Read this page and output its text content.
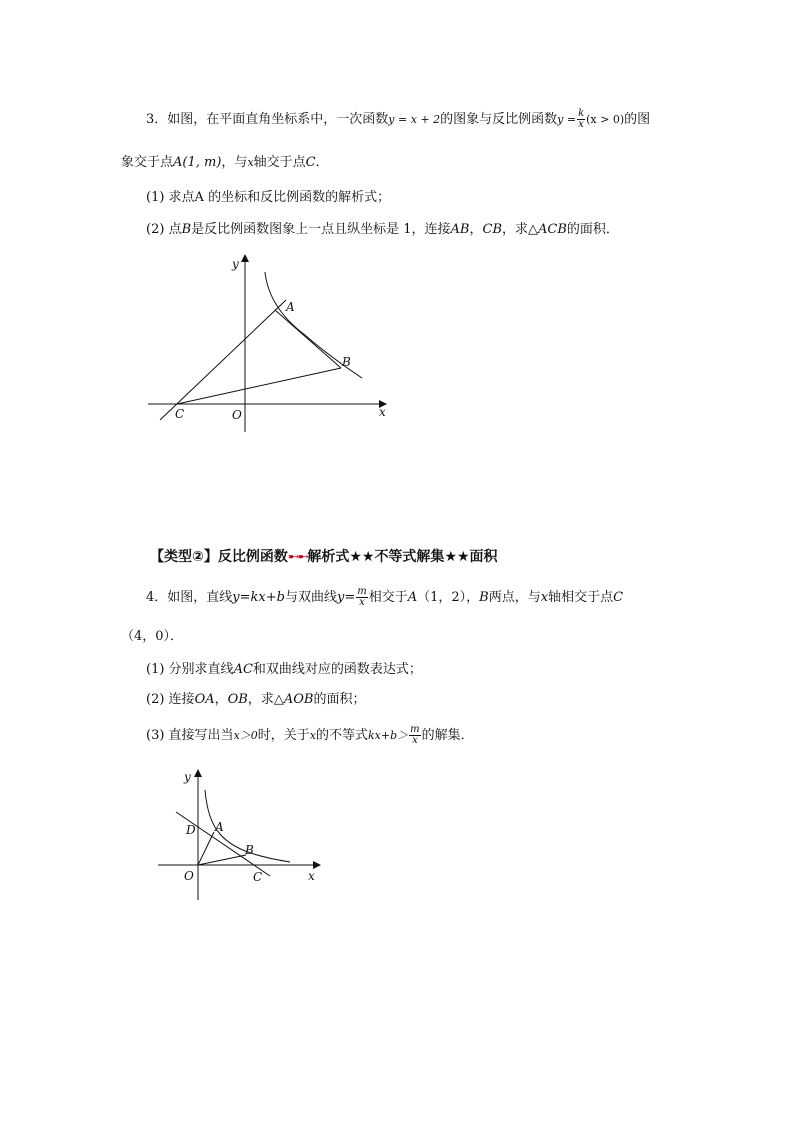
3．如图，在平面直角坐标系中，一次函数y = x + 2的图象与反比例函数$y = \frac{k}{x} (x > 0)$的图
象交于点A(1, m)，与x轴交于点C．
(1) 求点A 的坐标和反比例函数的解析式；
(2) 点B是反比例函数图象上一点且纵坐标是 1，连接AB，CB，求△ACB的面积．
y
x
O
A
B
C
【类型②】反比例函数➸➸解析式★★不等式解集★★面积
4．如图，直线y=kx+b与双曲线$y= \frac{m}{x}$ 相交于A（1，2），B两点，与x轴相交于点C
（4，0）．
(1) 分别求直线AC和双曲线对应的函数表达式；
(2) 连接OA，OB，求△AOB的面积；
(3) 直接写出当x＞0时，关于x的不等式$kx+b> \frac{m}{x}$ 的解集．
y
x
O
D A
B
C
